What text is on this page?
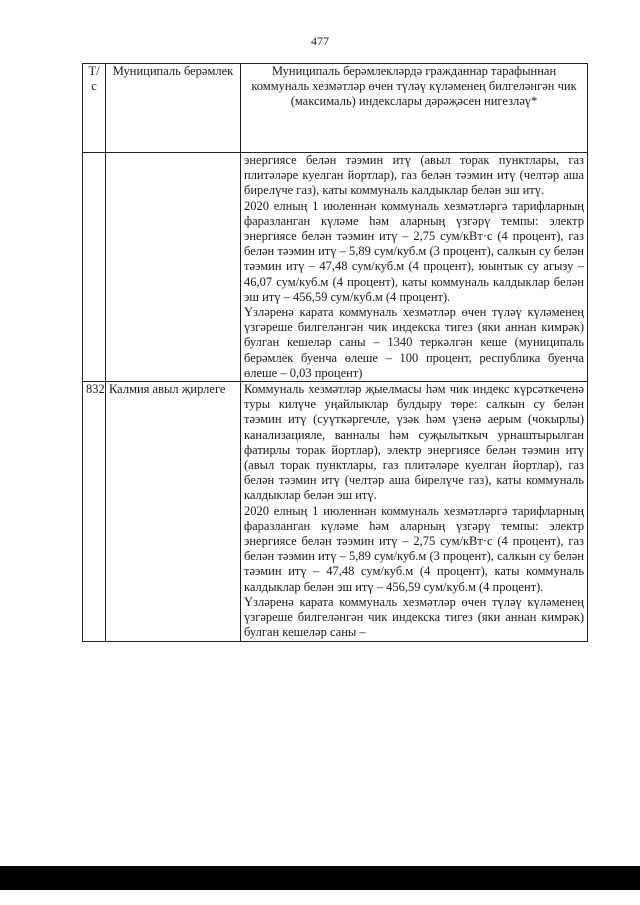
477
Т/с	Муниципаль берәмлек	Муниципаль берәмлекләрдә гражданнар тарафыннан коммуналь хезмәтләр өчен түләү күләменең билгеләнгән чик (максималь) индекслары дәрәҗәсен нигезләү*

		энергиясе белән тәэмин итү (авыл торак пунктлары, газ плитәләре куелган йортлар), газ белән тәэмин итү (челтәр аша бирелүче газ), каты коммуналь калдыклар белән эш итү.

2020 елның 1 июленнән коммуналь хезмәтләргә тарифларның фаразланган күләме һәм аларның үзгәрү темпы: электр энергиясе белән тәэмин итү – 2,75 сум/кВт·с (4 процент), газ белән тәэмин итү – 5,89 сум/куб.м (3 процент), салкын су белән тәэмин итү – 47,48 сум/куб.м (4 процент), юынтык су агызу – 46,07 сум/куб.м (4 процент), каты коммуналь калдыклар белән эш итү – 456,59 сум/куб.м (4 процент).

Үзләренә карата коммуналь хезмәтләр өчен түләү күләменең үзгәреше билгеләнгән чик индекска тигез (яки аннан кимрәк) булган кешеләр саны – 1340 теркәлгән кеше (муниципаль берәмлек буенча өлеше – 100 процент, республика буенча өлеше – 0,03 процент)

832	Калмия авыл җирлеге	Коммуналь хезмәтләр җыелмасы һәм чик индекс күрсәткеченә туры килүче уңайлыклар булдыру төре: салкын су белән тәэмин итү (суүткәргечле, үзәк һәм үзенә аерым (чокырлы) канализацияле, ванналы һәм суҗылыткыч урнаштырылган фатирлы торак йортлар), электр энергиясе белән тәэмин итү (авыл торак пунктлары, газ плитәләре куелган йортлар), газ белән тәэмин итү (челтәр аша бирелүче газ), каты коммуналь калдыклар белән эш итү.

2020 елның 1 июленнән коммуналь хезмәтләргә тарифларның фаразланган күләме һәм аларның үзгәрү темпы: электр энергиясе белән тәэмин итү – 2,75 сум/кВт·с (4 процент), газ белән тәэмин итү – 5,89 сум/куб.м (3 процент), салкын су белән тәэмин итү – 47,48 сум/куб.м (4 процент), каты коммуналь калдыклар белән эш итү – 456,59 сум/куб.м (4 процент).

Үзләренә карата коммуналь хезмәтләр өчен түләү күләменең үзгәреше билгеләнгән чик индекска тигез (яки аннан кимрәк) булган кешеләр саны –
